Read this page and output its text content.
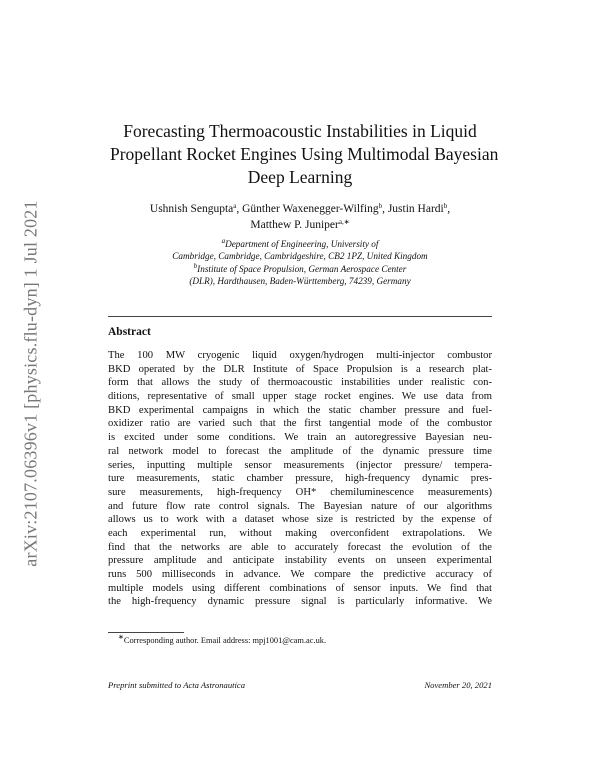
arXiv:2107.06396v1 [physics.flu-dyn] 1 Jul 2021
Forecasting Thermoacoustic Instabilities in Liquid
Propellant Rocket Engines Using Multimodal Bayesian
Deep Learning
Ushnish Sengupta$^a$, Günther Waxenegger-Wilfing$^b$, Justin Hardi$^b$,
Matthew P. Juniper$^{a,∗}$
$^a$Department of Engineering, University of
Cambridge, Cambridge, Cambridgeshire, CB2 1PZ, United Kingdom
$^b$Institute of Space Propulsion, German Aerospace Center
(DLR), Hardthausen, Baden-Württemberg, 74239, Germany
Abstract
The 100 MW cryogenic liquid oxygen/hydrogen multi-injector combustor
BKD operated by the DLR Institute of Space Propulsion is a research plat-
form that allows the study of thermoacoustic instabilities under realistic con-
ditions, representative of small upper stage rocket engines. We use data from
BKD experimental campaigns in which the static chamber pressure and fuel-
oxidizer ratio are varied such that the first tangential mode of the combustor
is excited under some conditions. We train an autoregressive Bayesian neu-
ral network model to forecast the amplitude of the dynamic pressure time
series, inputting multiple sensor measurements (injector pressure/ tempera-
ture measurements, static chamber pressure, high-frequency dynamic pres-
sure measurements, high-frequency OH* chemiluminescence measurements)
and future flow rate control signals. The Bayesian nature of our algorithms
allows us to work with a dataset whose size is restricted by the expense of
each experimental run, without making overconfident extrapolations. We
find that the networks are able to accurately forecast the evolution of the
pressure amplitude and anticipate instability events on unseen experimental
runs 500 milliseconds in advance. We compare the predictive accuracy of
multiple models using different combinations of sensor inputs. We find that
the high-frequency dynamic pressure signal is particularly informative. We
∗Corresponding author. Email address: mpj1001@cam.ac.uk.
Preprint submitted to Acta Astronautica	November 20, 2021
